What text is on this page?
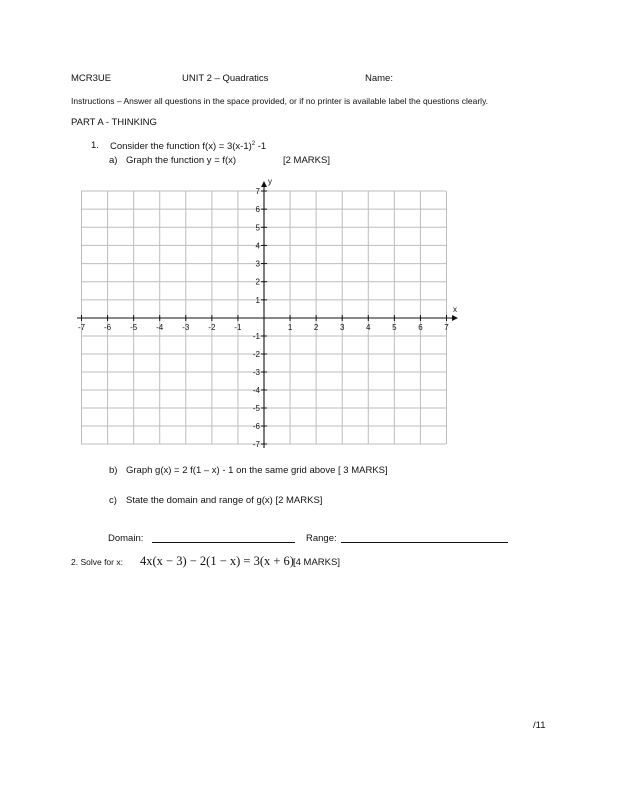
MCR3UE	UNIT 2 – Quadratics	Name:
Instructions – Answer all questions in the space provided, or if no printer is available label the questions clearly.
PART A - THINKING
1. Consider the function $f(x) = 3(x-1)^2$ -1
a) Graph the function y = f(x)	[2 MARKS]
-7 -6 -5 -4 -3 -2 -1	1	2	3	4	5	6	7
7
6
5
4
3
2
1
-1
-2
-3
-4
-5
-6
-7
x
y
b) Graph g(x) = 2 f(1 – x) - 1 on the same grid above [ 3 MARKS]
c) State the domain and range of g(x) [2 MARKS]
Domain:	Range:
2. Solve for x: 4x(x − 3) − 2(1 − x) = 3(x + 6) [4 MARKS]
/11
